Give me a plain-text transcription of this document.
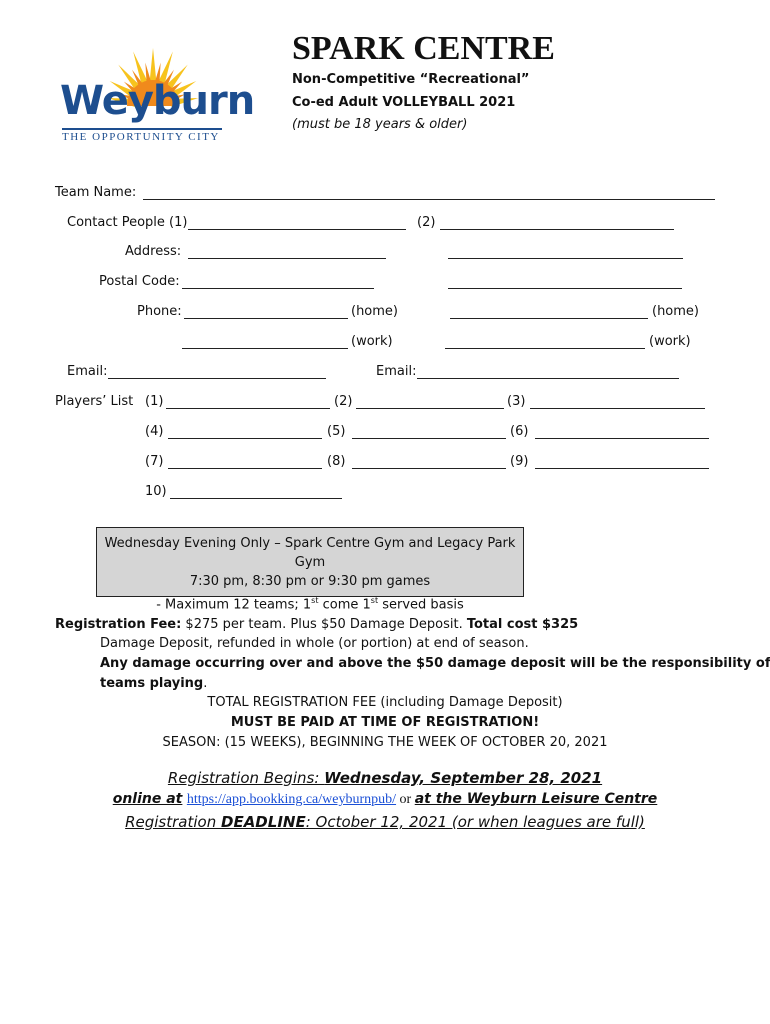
Weyburn
THE OPPORTUNITY CITY
SPARK CENTRE
Non-Competitive “Recreational”
Co-ed Adult VOLLEYBALL 2021
(must be 18 years & older)
Team Name:
Contact People (1)	(2)
Address:
Postal Code:
Phone:	(home)	(home)
(work)	(work)
Email:	Email:
Players’ List (1)	(2)	(3)
(4)	(5)	(6)
(7)	(8)	(9)
10)
Wednesday Evening Only – Spark Centre Gym and Legacy Park Gym
7:30 pm, 8:30 pm or 9:30 pm games
- Maximum 12 teams; 1st come 1st served basis
Registration Fee: $275 per team. Plus $50 Damage Deposit. Total cost $325
Damage Deposit, refunded in whole (or portion) at end of season.
Any damage occurring over and above the $50 damage deposit will be the responsibility of
teams playing.
TOTAL REGISTRATION FEE (including Damage Deposit)
MUST BE PAID AT TIME OF REGISTRATION!
SEASON: (15 WEEKS), BEGINNING THE WEEK OF OCTOBER 20, 2021
Registration Begins: Wednesday, September 28, 2021
online at https://app.bookking.ca/weyburnpub/ or at the Weyburn Leisure Centre
Registration DEADLINE: October 12, 2021 (or when leagues are full)
